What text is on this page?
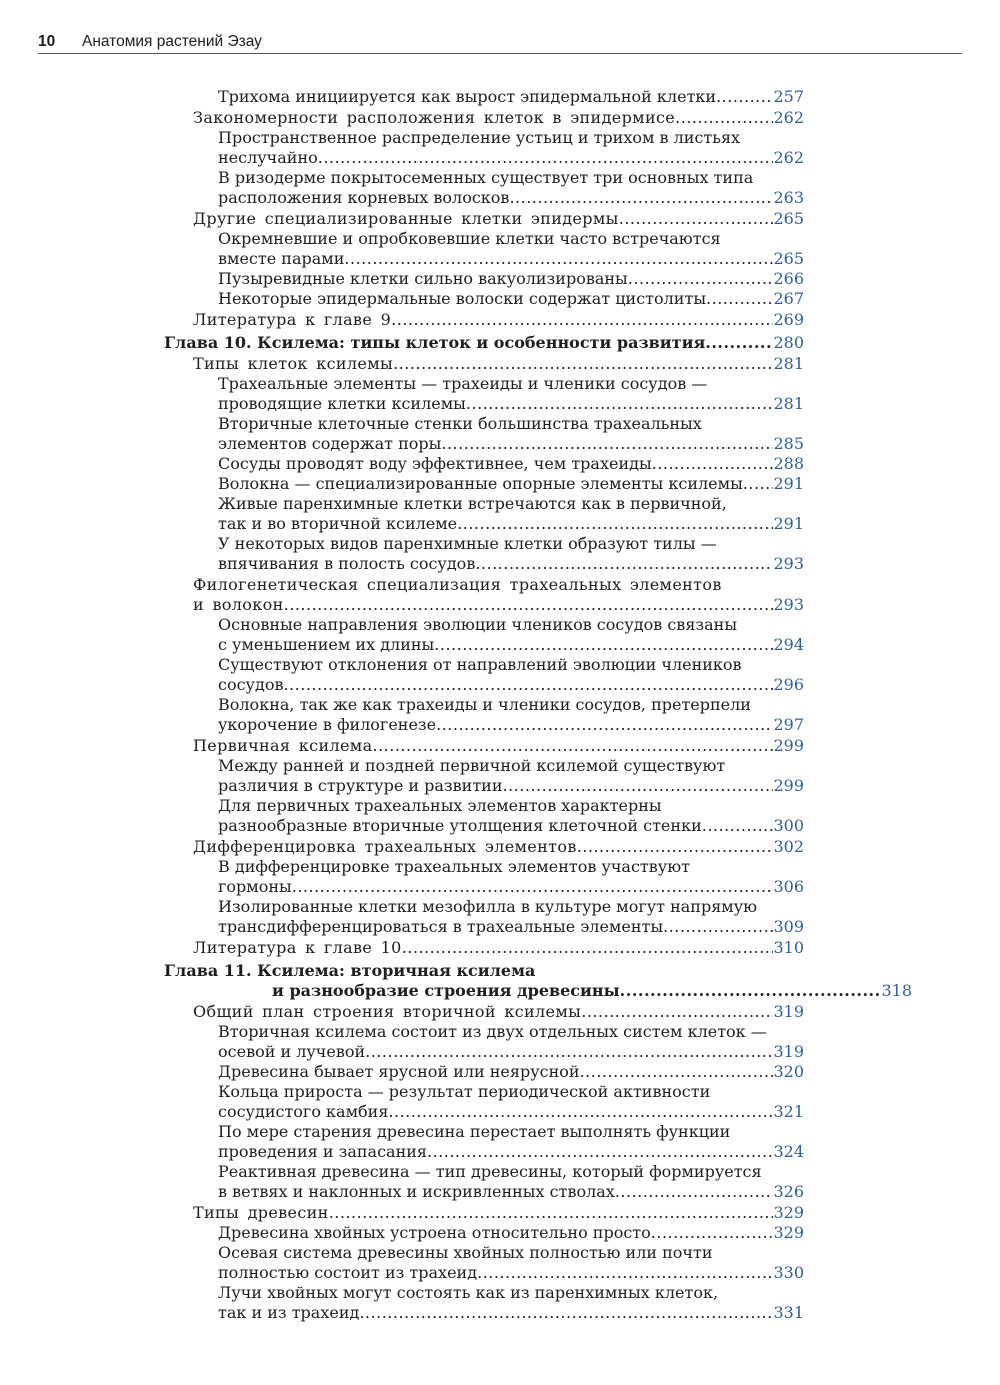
10 Анатомия растений Эзау
Трихома инициируется как вырост эпидермальной клетки .....	257
Закономерности расположения клеток в эпидермисе .....	262
Пространственное распределение устьиц и трихом в листьях
неслучайно .....	262
В ризодерме покрытосеменных существует три основных типа
расположения корневых волосков .....	263
Другие специализированные клетки эпидермы .....	265
Окремневшие и опробковевшие клетки часто встречаются
вместе парами .....	265
Пузыревидные клетки сильно вакуолизированы .....	266
Некоторые эпидермальные волоски содержат цистолиты .....	267
Литература к главе 9 .....	269
Глава 10. Ксилема: типы клеток и особенности развития .....	280
Типы клеток ксилемы .....	281
Трахеальные элементы — трахеиды и членики сосудов —
проводящие клетки ксилемы .....	281
Вторичные клеточные стенки большинства трахеальных
элементов содержат поры .....	285
Сосуды проводят воду эффективнее, чем трахеиды .....	288
Волокна — специализированные опорные элементы ксилемы ..... 291
Живые паренхимные клетки встречаются как в первичной,
так и во вторичной ксилеме .....	291
У некоторых видов паренхимные клетки образуют тилы —
впячивания в полость сосудов .....	293
Филогенетическая специализация трахеальных элементов
и волокон .....	293
Основные направления эволюции члеников сосудов связаны
с уменьшением их длины .....	294
Существуют отклонения от направлений эволюции члеников
сосудов .....	296
Волокна, так же как трахеиды и членики сосудов, претерпели
укорочение в филогенезе .....	297
Первичная ксилема .....	299
Между ранней и поздней первичной ксилемой существуют
различия в структуре и развитии .....	299
Для первичных трахеальных элементов характерны
разнообразные вторичные утолщения клеточной стенки .....	300
Дифференцировка трахеальных элементов .....	302
В дифференцировке трахеальных элементов участвуют
гормоны .....	306
Изолированные клетки мезофилла в культуре могут напрямую
трансдифференцироваться в трахеальные элементы .....	309
Литература к главе 10 .....	310
Глава 11. Ксилема: вторичная ксилема
и разнообразие строения древесины .....	318
Общий план строения вторичной ксилемы .....	319
Вторичная ксилема состоит из двух отдельных систем клеток —
осевой и лучевой .....	319
Древесина бывает ярусной или неярусной .....	320
Кольца прироста — результат периодической активности
сосудистого камбия .....	321
По мере старения древесина перестает выполнять функции
проведения и запасания .....	324
Реактивная древесина — тип древесины, который формируется
в ветвях и наклонных и искривленных стволах .....	326
Типы древесин .....	329
Древесина хвойных устроена относительно просто .....	329
Осевая система древесины хвойных полностью или почти
полностью состоит из трахеид .....	330
Лучи хвойных могут состоять как из паренхимных клеток,
так и из трахеид .....	331
